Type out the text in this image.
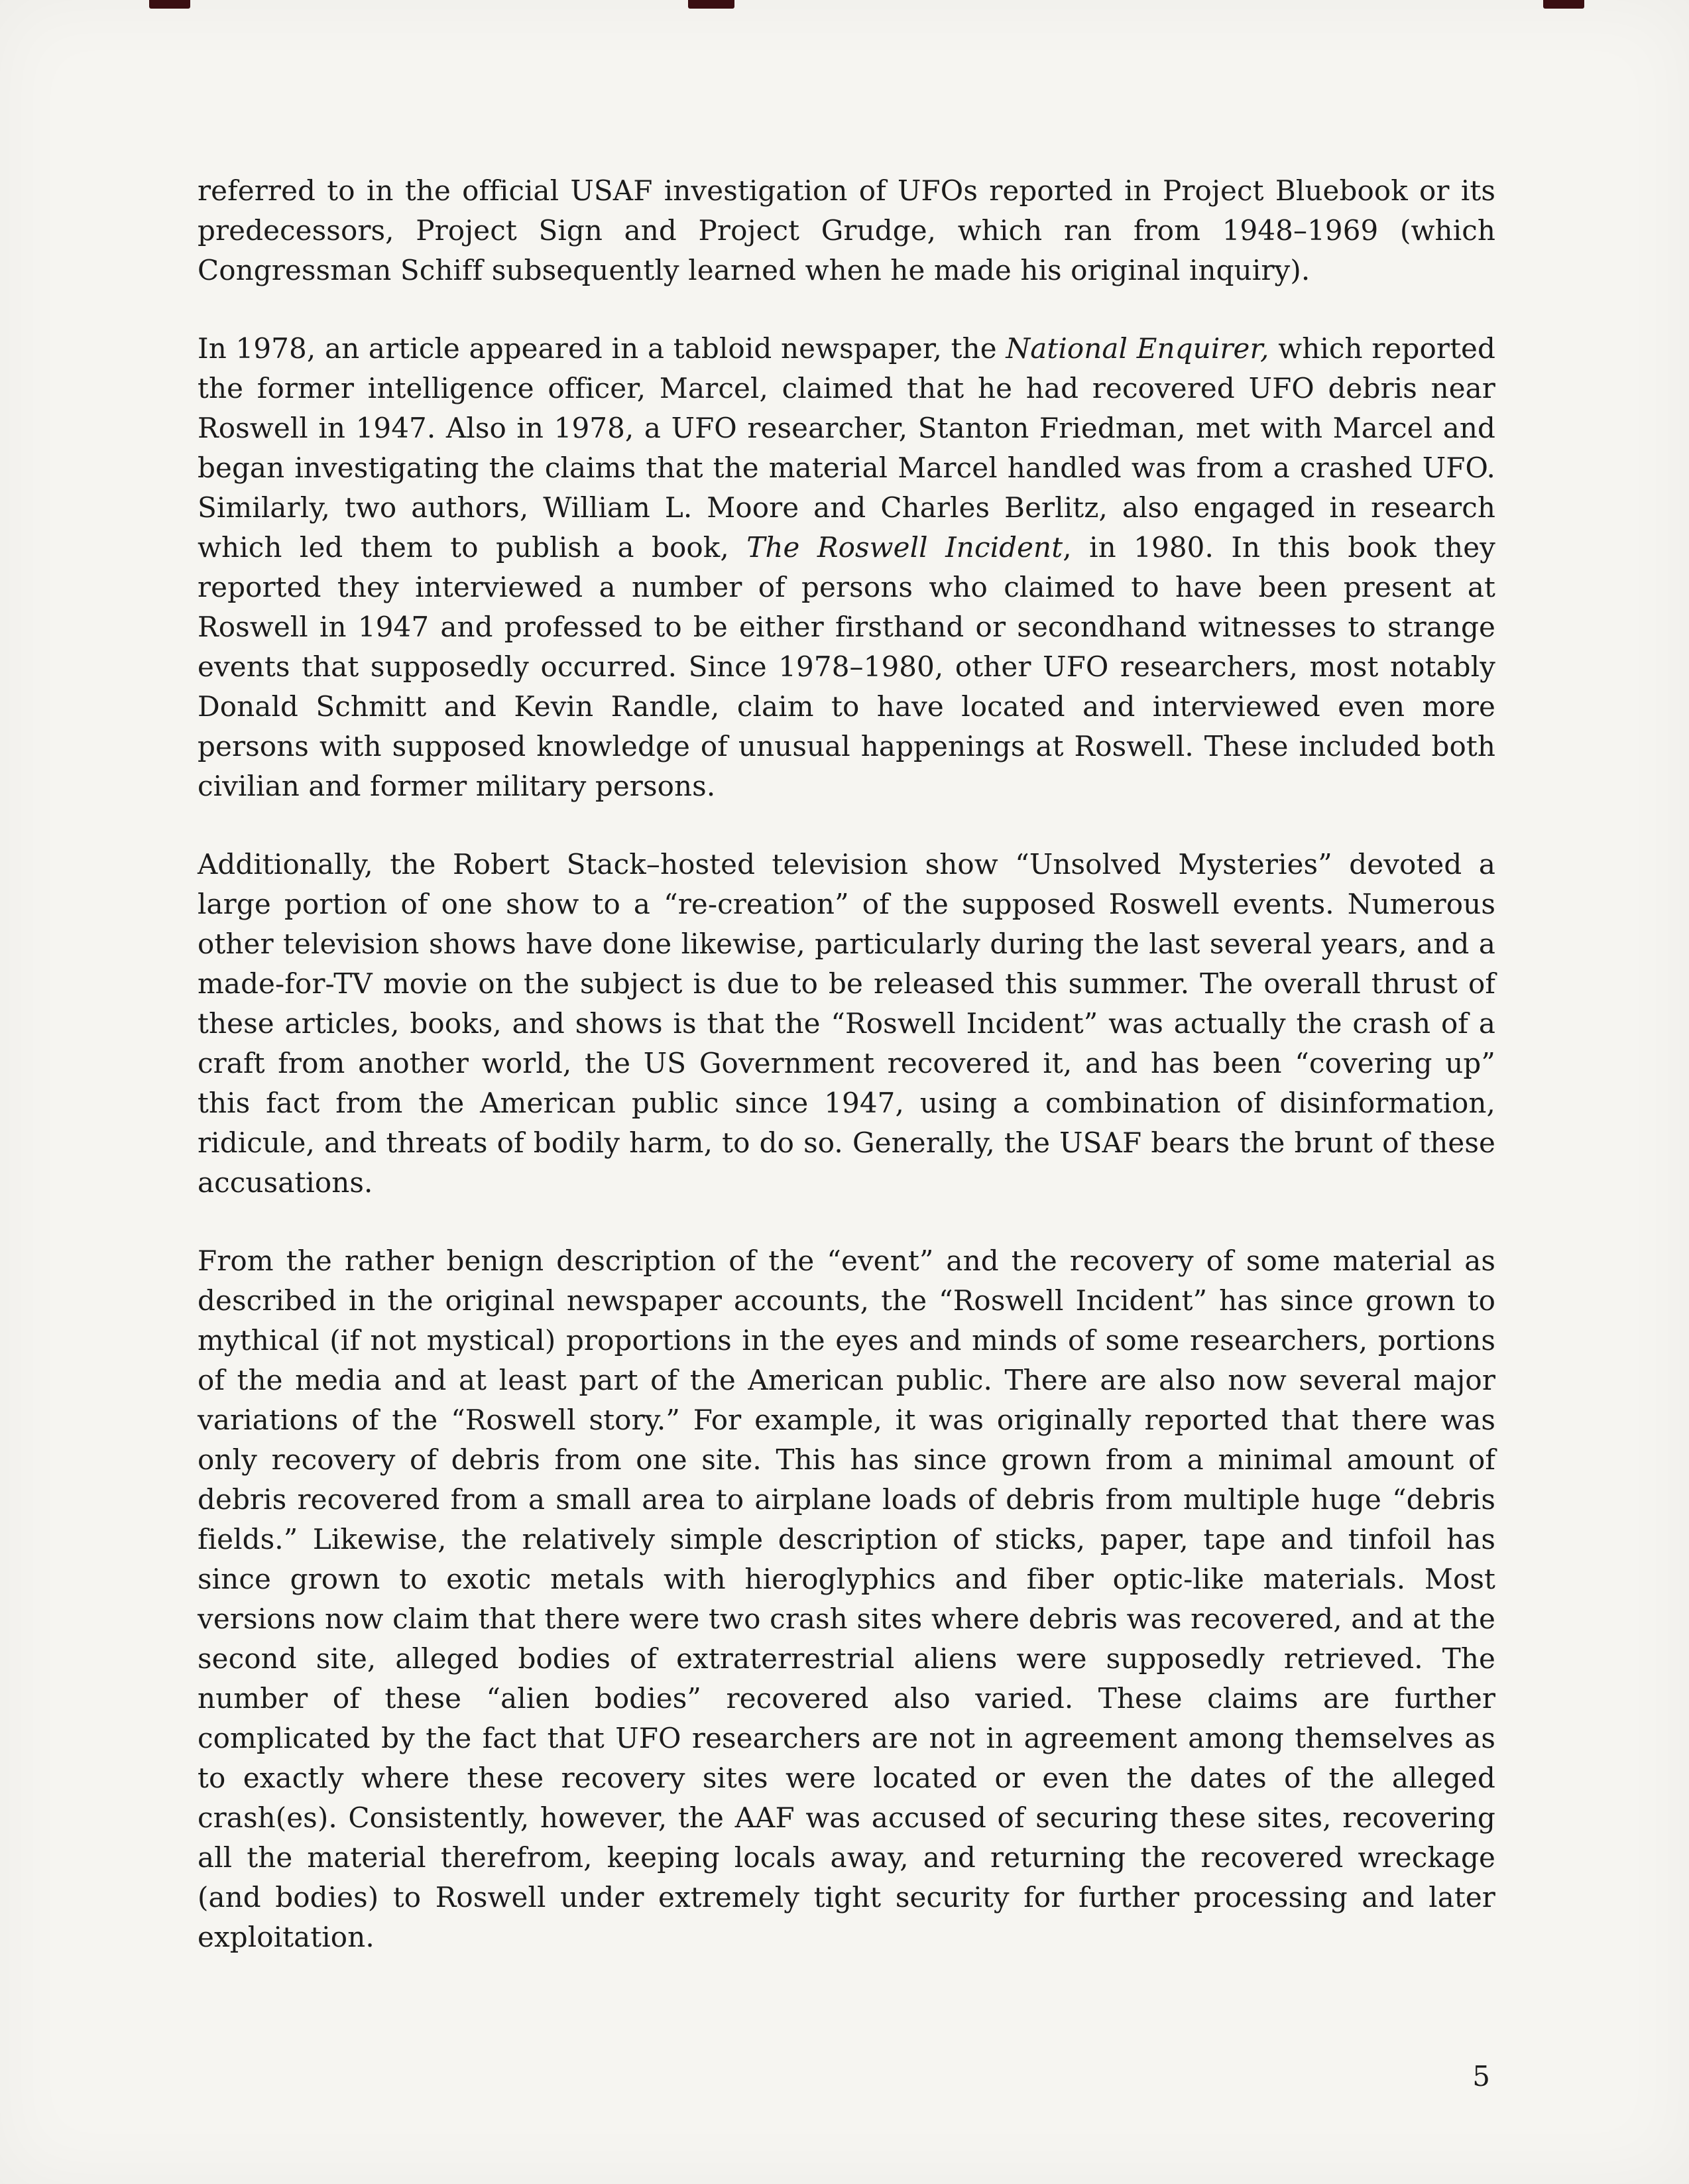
referred to in the official USAF investigation of UFOs reported in Project Bluebook or its predecessors, Project Sign and Project Grudge, which ran from 1948–1969 (which Congressman Schiff subsequently learned when he made his original inquiry).

In 1978, an article appeared in a tabloid newspaper, the National Enquirer, which reported the former intelligence officer, Marcel, claimed that he had recovered UFO debris near Roswell in 1947. Also in 1978, a UFO researcher, Stanton Friedman, met with Marcel and began investigating the claims that the material Marcel handled was from a crashed UFO. Similarly, two authors, William L. Moore and Charles Berlitz, also engaged in research which led them to publish a book, The Roswell Incident, in 1980. In this book they reported they interviewed a number of persons who claimed to have been present at Roswell in 1947 and professed to be either firsthand or secondhand witnesses to strange events that supposedly occurred. Since 1978–1980, other UFO researchers, most notably Donald Schmitt and Kevin Randle, claim to have located and interviewed even more persons with supposed knowledge of unusual happenings at Roswell. These included both civilian and former military persons.

Additionally, the Robert Stack–hosted television show “Unsolved Mysteries” devoted a large portion of one show to a “re-creation” of the supposed Roswell events. Numerous other television shows have done likewise, particularly during the last several years, and a made-for-TV movie on the subject is due to be released this summer. The overall thrust of these articles, books, and shows is that the “Roswell Incident” was actually the crash of a craft from another world, the US Government recovered it, and has been “covering up” this fact from the American public since 1947, using a combination of disinformation, ridicule, and threats of bodily harm, to do so. Generally, the USAF bears the brunt of these accusations.

From the rather benign description of the “event” and the recovery of some material as described in the original newspaper accounts, the “Roswell Incident” has since grown to mythical (if not mystical) proportions in the eyes and minds of some researchers, portions of the media and at least part of the American public. There are also now several major variations of the “Roswell story.” For example, it was originally reported that there was only recovery of debris from one site. This has since grown from a minimal amount of debris recovered from a small area to airplane loads of debris from multiple huge “debris fields.” Likewise, the relatively simple description of sticks, paper, tape and tinfoil has since grown to exotic metals with hieroglyphics and fiber optic-like materials. Most versions now claim that there were two crash sites where debris was recovered, and at the second site, alleged bodies of extraterrestrial aliens were supposedly retrieved. The number of these “alien bodies” recovered also varied. These claims are further complicated by the fact that UFO researchers are not in agreement among themselves as to exactly where these recovery sites were located or even the dates of the alleged crash(es). Consistently, however, the AAF was accused of securing these sites, recovering all the material therefrom, keeping locals away, and returning the recovered wreckage (and bodies) to Roswell under extremely tight security for further processing and later exploitation.

5
